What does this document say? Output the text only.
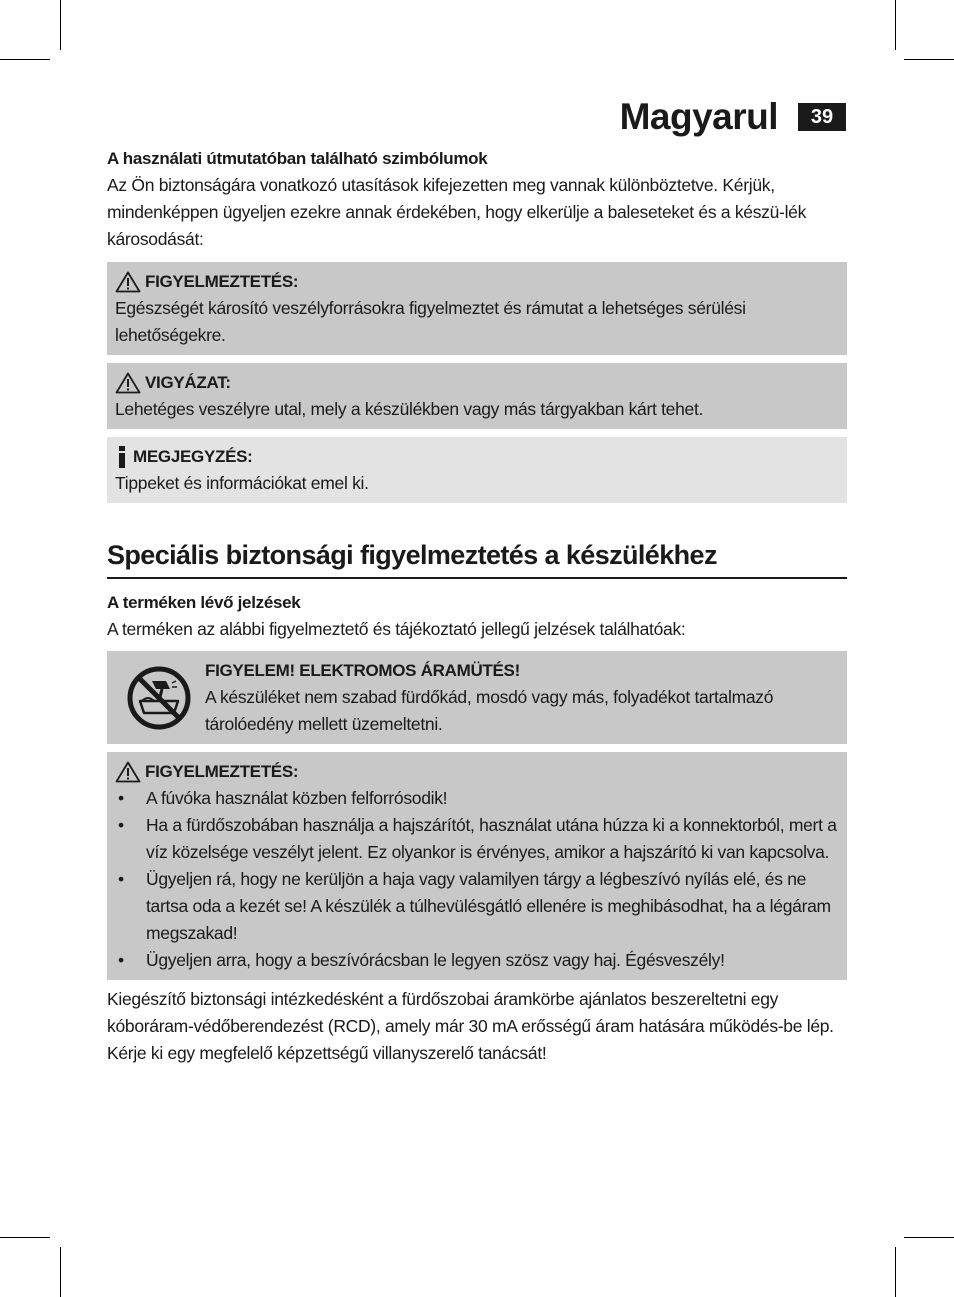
Magyarul	39
A használati útmutatóban található szimbólumok

Az Ön biztonságára vonatkozó utasítások kifejezetten meg vannak különböztetve. Kérjük, mindenképpen ügyeljen ezekre annak érdekében, hogy elkerülje a baleseteket és a készü-lék károsodását:

FIGYELMEZTETÉS:

Egészségét károsító veszélyforrásokra figyelmeztet és rámutat a lehetséges sérülési lehetőségekre.

VIGYÁZAT:

Lehetéges veszélyre utal, mely a készülékben vagy más tárgyakban kárt tehet.

MEGJEGYZÉS:

Tippeket és információkat emel ki.

Speciális biztonsági figyelmeztetés a készülékhez
A terméken lévő jelzések

A terméken az alábbi figyelmeztető és tájékoztató jellegű jelzések találhatóak:

FIGYELEM! ELEKTROMOS ÁRAMÜTÉS!

A készüléket nem szabad fürdőkád, mosdó vagy más, folyadékot tartalmazó tárolóedény mellett üzemeltetni.

FIGYELMEZTETÉS:
• A fúvóka használat közben felforrósodik!
• Ha a fürdőszobában használja a hajszárítót, használat utána húzza ki a konnektorból, mert a víz közelsége veszélyt jelent. Ez olyankor is érvényes, amikor a hajszárító ki van kapcsolva.
• Ügyeljen rá, hogy ne kerüljön a haja vagy valamilyen tárgy a légbeszívó nyílás elé, és ne tartsa oda a kezét se! A készülék a túlhevülésgátló ellenére is meghibásodhat, ha a légáram megszakad!
• Ügyeljen arra, hogy a beszívórácsban le legyen szösz vagy haj. Égésveszély!

Kiegészítő biztonsági intézkedésként a fürdőszobai áramkörbe ajánlatos beszereltetni egy kóboráram-védőberendezést (RCD), amely már 30 mA erősségű áram hatására működés-be lép. Kérje ki egy megfelelő képzettségű villanyszerelő tanácsát!
